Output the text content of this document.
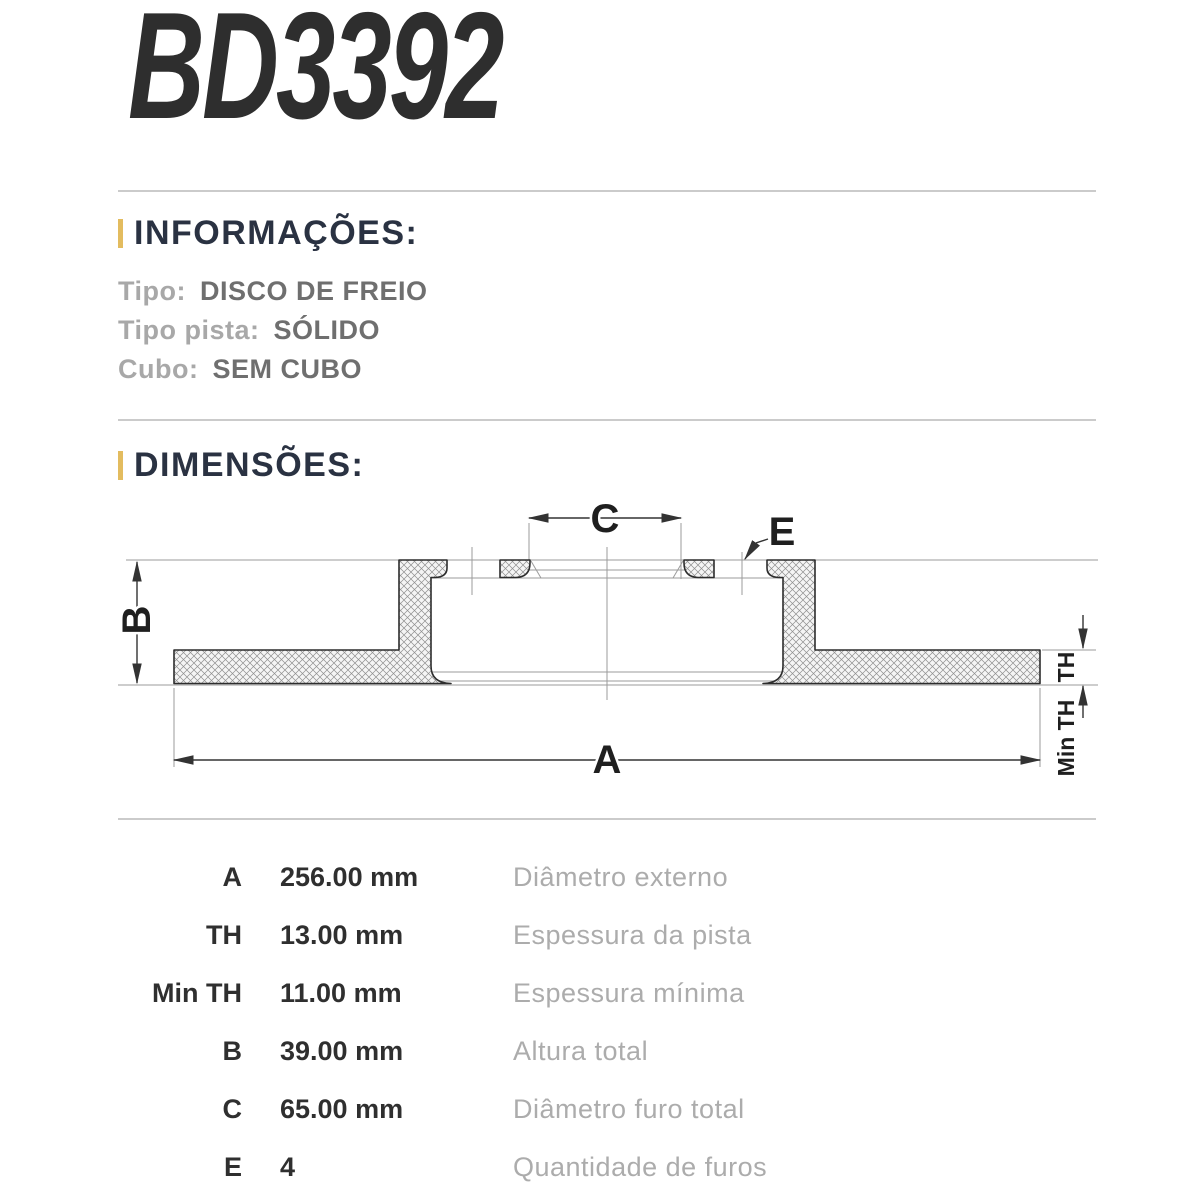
BD3392
INFORMAÇÕES:
Tipo: DISCO DE FREIO
Tipo pista: SÓLIDO
Cubo: SEM CUBO
DIMENSÕES:
C	E
B
A
TH
Min TH
A 256.00 mm	Diâmetro externo
TH 13.00 mm	Espessura da pista
Min TH 11.00 mm	Espessura mínima
B 39.00 mm	Altura total
C 65.00 mm	Diâmetro furo total
E 4	Quantidade de furos
